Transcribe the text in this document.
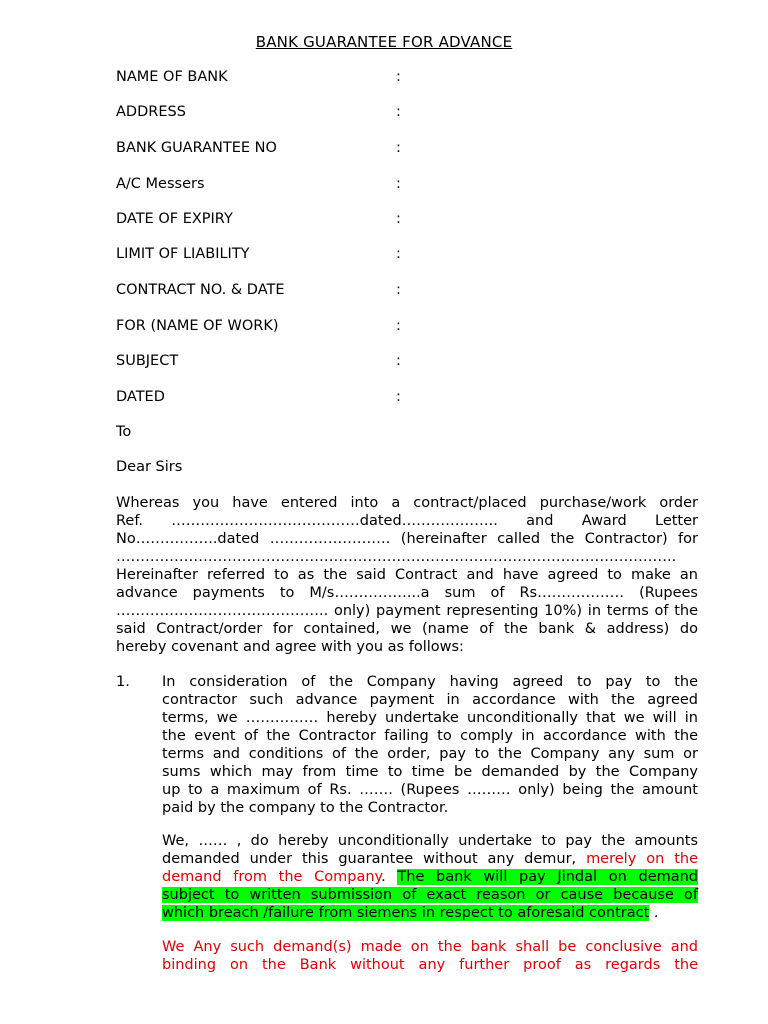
BANK GUARANTEE FOR ADVANCE
NAME OF BANK	:
ADDRESS	:
BANK GUARANTEE NO	:
A/C Messers	:
DATE OF EXPIRY	:
LIMIT OF LIABILITY	:
CONTRACT NO. & DATE	:
FOR (NAME OF WORK)	:
SUBJECT	:
DATED	:
To
Dear Sirs
Whereas you have entered into a contract/placed purchase/work order
Ref. …………………………………dated……………….. and Award Letter
No……………..dated ……………………. (hereinafter called the Contractor) for
……………………………………………………………………………………………………..
Hereinafter referred to as the said Contract and have agreed to make an
advance payments to M/s……………...a sum of Rs……………… (Rupees
…………………………………….. only) payment representing 10%) in terms of the
said Contract/order for contained, we (name of the bank & address) do
hereby covenant and agree with you as follows:
1. In consideration of the Company having agreed to pay to the
contractor such advance payment in accordance with the agreed
terms, we …………… hereby undertake unconditionally that we will in
the event of the Contractor failing to comply in accordance with the
terms and conditions of the order, pay to the Company any sum or
sums which may from time to time be demanded by the Company
up to a maximum of Rs. ……. (Rupees ……… only) being the amount
paid by the company to the Contractor.
We, …… , do hereby unconditionally undertake to pay the amounts
demanded under this guarantee without any demur, merely on the
demand from the Company. The bank will pay Jindal on demand
subject to written submission of exact reason or cause because of
which breach /failure from siemens in respect to aforesaid contract .
We Any such demand(s) made on the bank shall be conclusive and
binding on the Bank without any further proof as regards the
